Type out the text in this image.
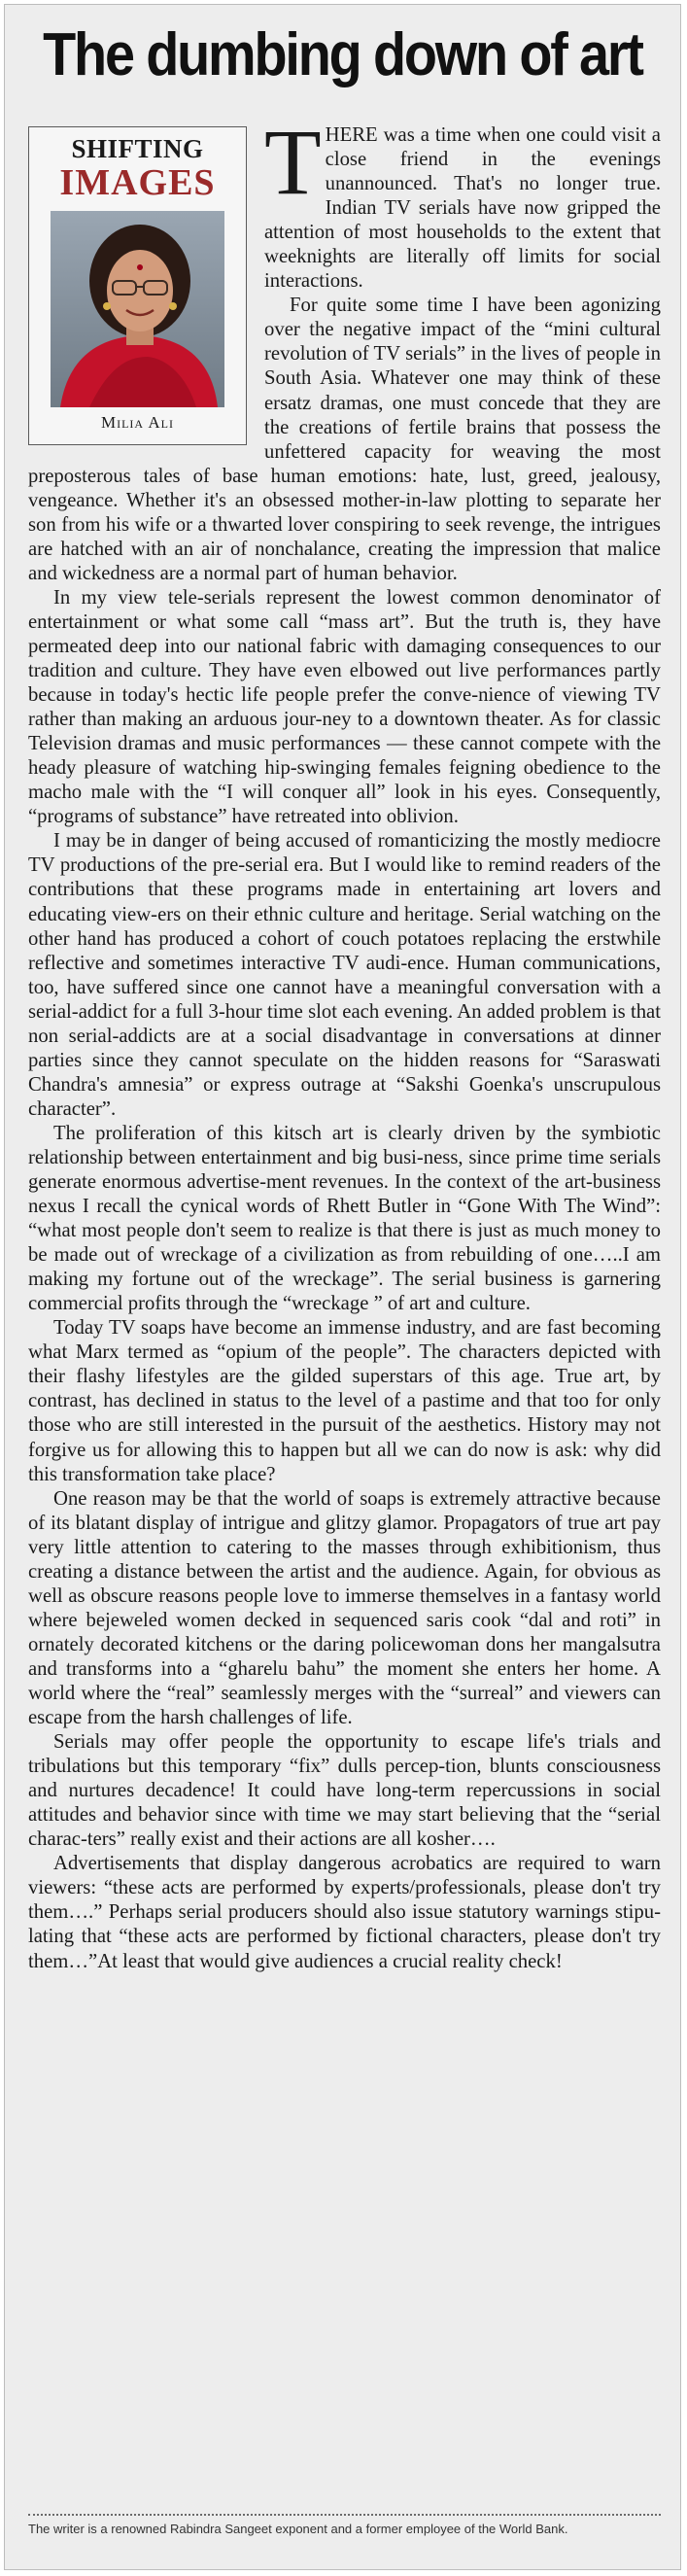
The dumbing down of art
SHIFTING
IMAGES
Milia Ali
T HERE was a time when one could visit a close friend in the evenings unannounced. That's no longer true. Indian TV serials have now gripped the attention of most households to the extent that weeknights are literally off limits for social interactions.

For quite some time I have been agonizing over the negative impact of the “mini cultural revolution of TV serials” in the lives of people in South Asia. Whatever one may think of these ersatz dramas, one must concede that they are the creations of fertile brains that possess the unfettered capacity for weaving the most preposterous tales of base human emotions: hate, lust, greed, jealousy, vengeance. Whether it's an obsessed mother-in-law plotting to separate her son from his wife or a thwarted lover conspiring to seek revenge, the intrigues are hatched with an air of nonchalance, creating the impression that malice and wickedness are a normal part of human behavior.

In my view tele-serials represent the lowest common denominator of entertainment or what some call “mass art”. But the truth is, they have permeated deep into our national fabric with damaging consequences to our tradition and culture. They have even elbowed out live performances partly because in today's hectic life people prefer the conve-nience of viewing TV rather than making an arduous jour-ney to a downtown theater. As for classic Television dramas and music performances — these cannot compete with the heady pleasure of watching hip-swinging females feigning obedience to the macho male with the “I will conquer all” look in his eyes. Consequently, “programs of substance” have retreated into oblivion.

I may be in danger of being accused of romanticizing the mostly mediocre TV productions of the pre-serial era. But I would like to remind readers of the contributions that these programs made in entertaining art lovers and educating view-ers on their ethnic culture and heritage. Serial watching on the other hand has produced a cohort of couch potatoes replacing the erstwhile reflective and sometimes interactive TV audi-ence. Human communications, too, have suffered since one cannot have a meaningful conversation with a serial-addict for a full 3-hour time slot each evening. An added problem is that non serial-addicts are at a social disadvantage in conversations at dinner parties since they cannot speculate on the hidden reasons for “Saraswati Chandra's amnesia” or express outrage at “Sakshi Goenka's unscrupulous character”.

The proliferation of this kitsch art is clearly driven by the symbiotic relationship between entertainment and big busi-ness, since prime time serials generate enormous advertise-ment revenues. In the context of the art-business nexus I recall the cynical words of Rhett Butler in “Gone With The Wind”: “what most people don't seem to realize is that there is just as much money to be made out of wreckage of a civilization as from rebuilding of one…..I am making my fortune out of the wreckage”. The serial business is garnering commercial profits through the “wreckage ” of art and culture.

Today TV soaps have become an immense industry, and are fast becoming what Marx termed as “opium of the people”. The characters depicted with their flashy lifestyles are the gilded superstars of this age. True art, by contrast, has declined in status to the level of a pastime and that too for only those who are still interested in the pursuit of the aesthetics. History may not forgive us for allowing this to happen but all we can do now is ask: why did this transformation take place?

One reason may be that the world of soaps is extremely attractive because of its blatant display of intrigue and glitzy glamor. Propagators of true art pay very little attention to catering to the masses through exhibitionism, thus creating a distance between the artist and the audience. Again, for obvious as well as obscure reasons people love to immerse themselves in a fantasy world where bejeweled women decked in sequenced saris cook “dal and roti” in ornately decorated kitchens or the daring policewoman dons her mangalsutra and transforms into a “gharelu bahu” the moment she enters her home. A world where the “real” seamlessly merges with the “surreal” and viewers can escape from the harsh challenges of life.

Serials may offer people the opportunity to escape life's trials and tribulations but this temporary “fix” dulls percep-tion, blunts consciousness and nurtures decadence! It could have long-term repercussions in social attitudes and behavior since with time we may start believing that the “serial charac-ters” really exist and their actions are all kosher….

Advertisements that display dangerous acrobatics are required to warn viewers: “these acts are performed by experts/professionals, please don't try them….” Perhaps serial producers should also issue statutory warnings stipu-lating that “these acts are performed by fictional characters, please don't try them…”At least that would give audiences a crucial reality check!

The writer is a renowned Rabindra Sangeet exponent and a former employee of the World Bank.
